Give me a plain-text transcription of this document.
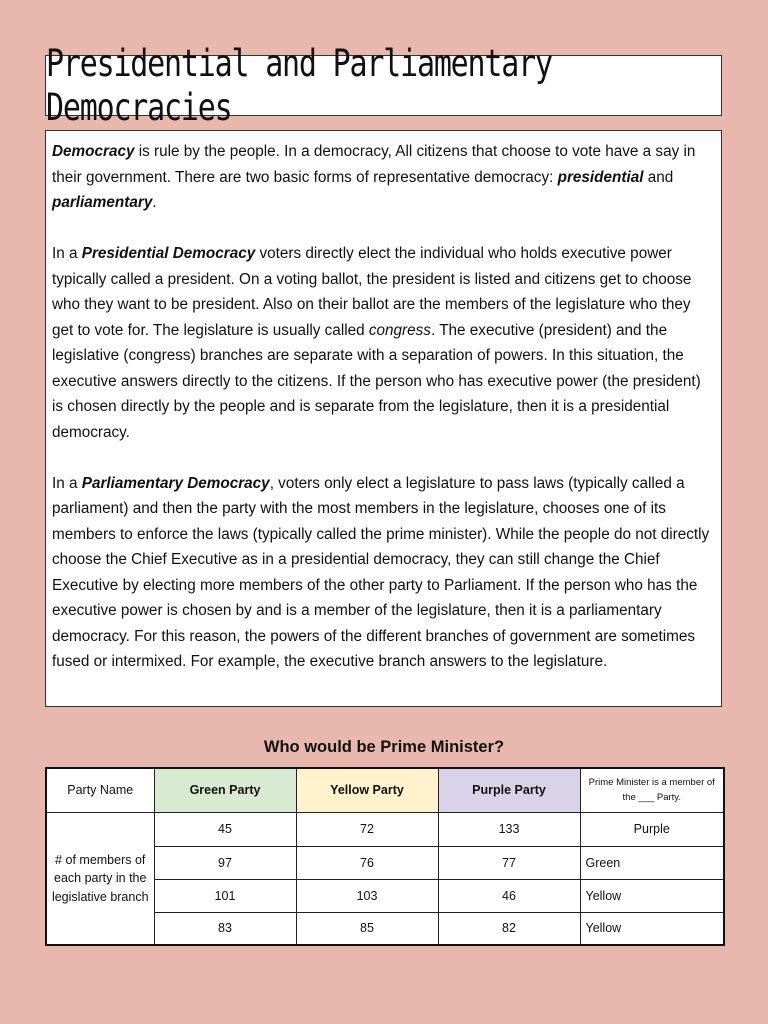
Presidential and Parliamentary Democracies

Democracy is rule by the people. In a democracy, All citizens that choose to vote have a say in their government. There are two basic forms of representative democracy: presidential and parliamentary.

In a Presidential Democracy voters directly elect the individual who holds executive power typically called a president. On a voting ballot, the president is listed and citizens get to choose who they want to be president. Also on their ballot are the members of the legislature who they get to vote for. The legislature is usually called congress. The executive (president) and the legislative (congress) branches are separate with a separation of powers. In this situation, the executive answers directly to the citizens. If the person who has executive power (the president) is chosen directly by the people and is separate from the legislature, then it is a presidential democracy.

In a Parliamentary Democracy, voters only elect a legislature to pass laws (typically called a parliament) and then the party with the most members in the legislature, chooses one of its members to enforce the laws (typically called the prime minister). While the people do not directly choose the Chief Executive as in a presidential democracy, they can still change the Chief Executive by electing more members of the other party to Parliament. If the person who has the executive power is chosen by and is a member of the legislature, then it is a parliamentary democracy. For this reason, the powers of the different branches of government are sometimes fused or intermixed. For example, the executive branch answers to the legislature.

Who would be Prime Minister?
Party Name	Green Party	Yellow Party	Purple Party	Prime Minister is a member of the ___ Party.
# of members of each party in the legislative branch	45	72	133	Purple
	97	76	77	Green
	101	103	46	Yellow
	83	85	82	Yellow
